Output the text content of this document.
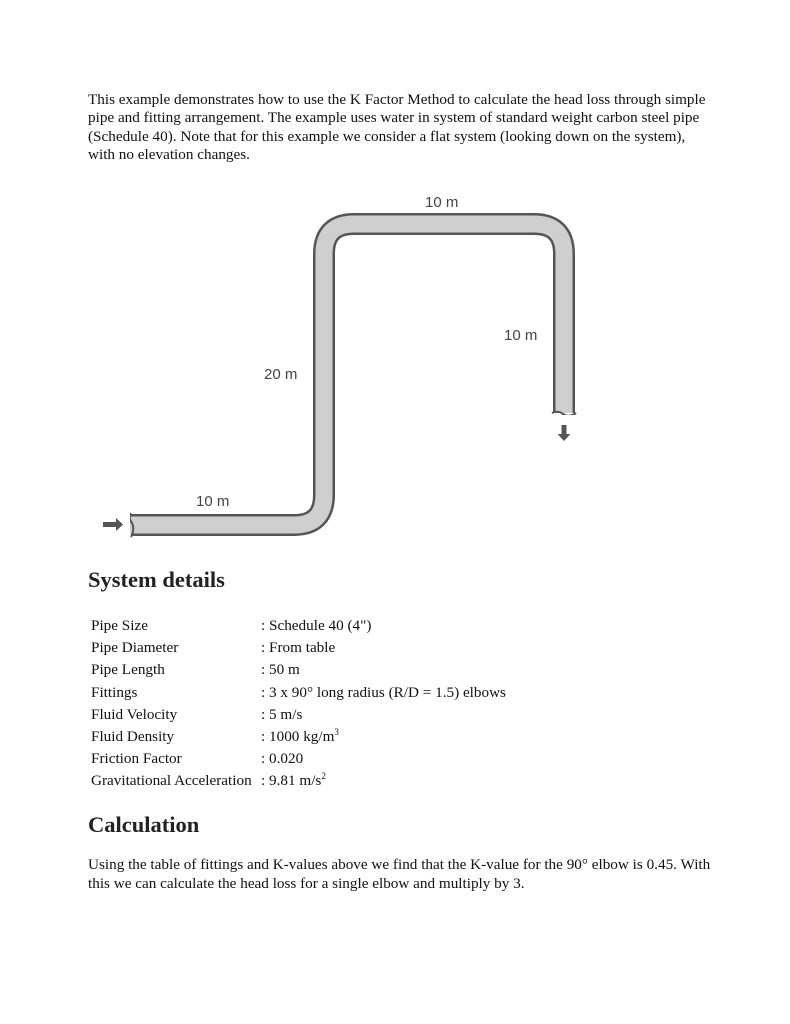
This example demonstrates how to use the K Factor Method to calculate the head loss through simple pipe and fitting arrangement. The example uses water in system of standard weight carbon steel pipe (Schedule 40). Note that for this example we consider a flat system (looking down on the system), with no elevation changes.

10 m
20 m
10 m
10 m
System details
Pipe Size	: Schedule 40 (4")
Pipe Diameter	: From table
Pipe Length	: 50 m
Fittings	: 3 x 90° long radius (R/D = 1.5) elbows
Fluid Velocity	: 5 m/s
Fluid Density	: 1000 $kg/m^3$
Friction Factor	: 0.020
Gravitational Acceleration	: 9.81 $m/s^2$
Calculation

Using the table of fittings and K-values above we find that the K-value for the 90° elbow is 0.45. With this we can calculate the head loss for a single elbow and multiply by 3.
